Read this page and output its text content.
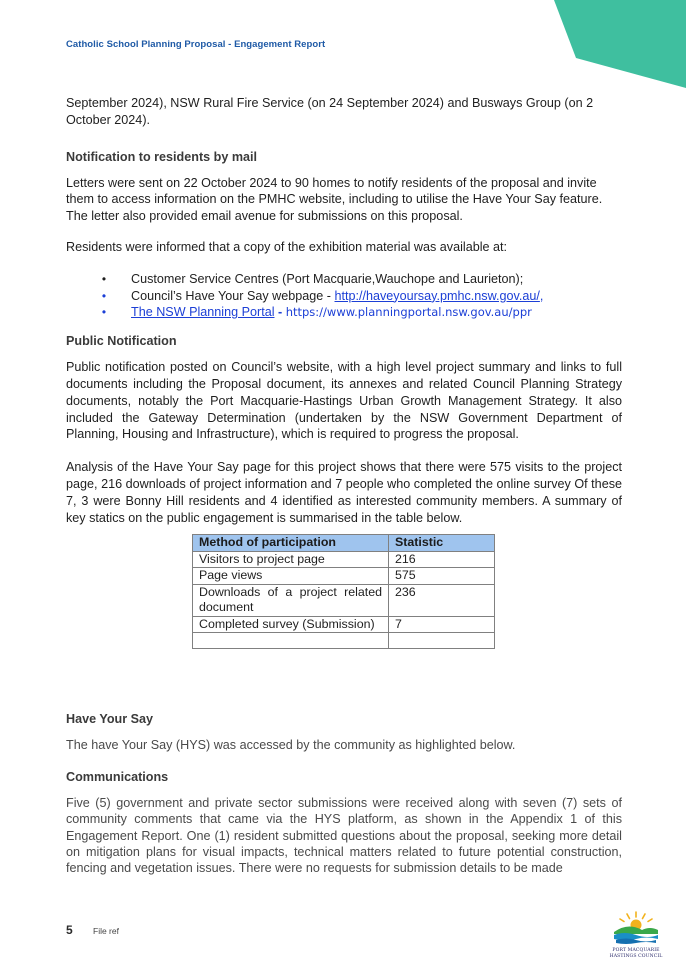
Catholic School Planning Proposal - Engagement Report

September 2024), NSW Rural Fire Service (on 24 September 2024) and Busways Group (on 2 October 2024).

Notification to residents by mail

Letters were sent on 22 October 2024 to 90 homes to notify residents of the proposal and invite them to access information on the PMHC website, including to utilise the Have Your Say feature. The letter also provided email avenue for submissions on this proposal.

Residents were informed that a copy of the exhibition material was available at:

•	Customer Service Centres (Port Macquarie,Wauchope and Laurieton);
•	Council’s Have Your Say webpage - http://haveyoursay.pmhc.nsw.gov.au/,
•	The NSW Planning Portal - https://www.planningportal.nsw.gov.au/ppr

Public Notification

Public notification posted on Council’s website, with a high level project summary and links to full documents including the Proposal document, its annexes and related Council Planning Strategy documents, notably the Port Macquarie-Hastings Urban Growth Management Strategy. It also included the Gateway Determination (undertaken by the NSW Government Department of Planning, Housing and Infrastructure), which is required to progress the proposal.

Analysis of the Have Your Say page for this project shows that there were 575 visits to the project page, 216 downloads of project information and 7 people who completed the online survey Of these 7, 3 were Bonny Hill residents and 4 identified as interested community members. A summary of key statics on the public engagement is summarised in the table below.

Method of participation	Statistic
Visitors to project page	216
Page views	575
Downloads of a project related document	236
Completed survey (Submission)	7

Have Your Say

The have Your Say (HYS) was accessed by the community as highlighted below.

Communications

Five (5) government and private sector submissions were received along with seven (7) sets of community comments that came via the HYS platform, as shown in the Appendix 1 of this Engagement Report. One (1) resident submitted questions about the proposal, seeking more detail on mitigation plans for visual impacts, technical matters related to future potential construction, fencing and vegetation issues. There were no requests for submission details to be made

5 File ref
PORT MACQUARIE
HASTINGS COUNCIL
